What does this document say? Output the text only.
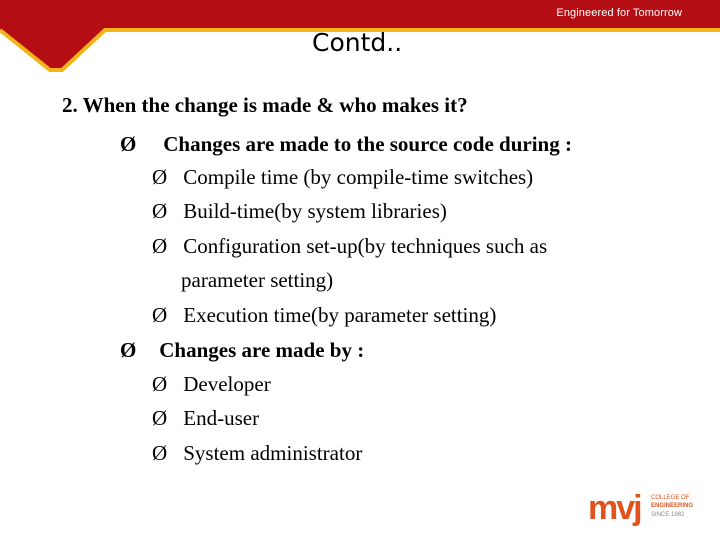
Engineered for Tomorrow
Contd..
2. When the change is made & who makes it?
Ø Changes are made to the source code during :
Ø Compile time (by compile-time switches)
Ø Build-time(by system libraries)
Ø Configuration set-up(by techniques such as
parameter setting)
Ø Execution time(by parameter setting)
Ø Changes are made by :
Ø Developer
Ø End-user
Ø System administrator
mvj COLLEGE OF
ENGINEERING
SINCE 1982
